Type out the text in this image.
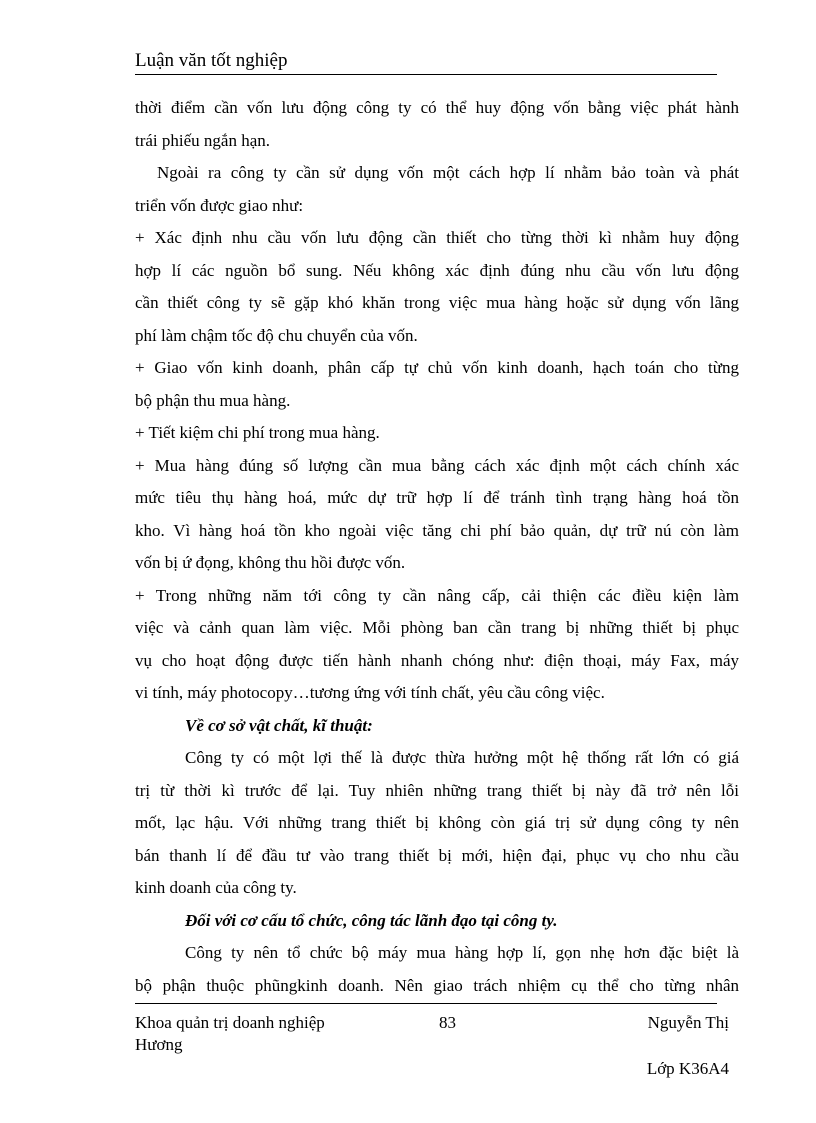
Luận văn tốt nghiệp
thời điểm cần vốn lưu động công ty có thể huy động vốn bằng việc phát hành
trái phiếu ngắn hạn.
Ngoài ra công ty cần sử dụng vốn một cách hợp lí nhằm bảo toàn và phát
triển vốn được giao như:
+ Xác định nhu cầu vốn lưu động cần thiết cho từng thời kì nhằm huy động
hợp lí các nguồn bổ sung. Nếu không xác định đúng nhu cầu vốn lưu động
cần thiết công ty sẽ gặp khó khăn trong việc mua hàng hoặc sử dụng vốn lãng
phí làm chậm tốc độ chu chuyển của vốn.
+ Giao vốn kinh doanh, phân cấp tự chủ vốn kinh doanh, hạch toán cho từng
bộ phận thu mua hàng.
+ Tiết kiệm chi phí trong mua hàng.
+ Mua hàng đúng số lượng cần mua bằng cách xác định một cách chính xác
mức tiêu thụ hàng hoá, mức dự trữ hợp lí để tránh tình trạng hàng hoá tồn
kho. Vì hàng hoá tồn kho ngoài việc tăng chi phí bảo quản, dự trữ nú còn làm
vốn bị ứ đọng, không thu hồi được vốn.
+ Trong những năm tới công ty cần nâng cấp, cải thiện các điều kiện làm
việc và cảnh quan làm việc. Mỗi phòng ban cần trang bị những thiết bị phục
vụ cho hoạt động được tiến hành nhanh chóng như: điện thoại, máy Fax, máy
vi tính, máy photocopy…tương ứng với tính chất, yêu cầu công việc.
Về cơ sở vật chất, kĩ thuật:
Công ty có một lợi thế là được thừa hưởng một hệ thống rất lớn có giá
trị từ thời kì trước để lại. Tuy nhiên những trang thiết bị này đã trở nên lỗi
mốt, lạc hậu. Với những trang thiết bị không còn giá trị sử dụng công ty nên
bán thanh lí để đầu tư vào trang thiết bị mới, hiện đại, phục vụ cho nhu cầu
kinh doanh của công ty.
Đối với cơ cấu tổ chức, công tác lãnh đạo tại công ty.
Công ty nên tổ chức bộ máy mua hàng hợp lí, gọn nhẹ hơn đặc biệt là
bộ phận thuộc phũngkinh doanh. Nên giao trách nhiệm cụ thể cho từng nhân
Khoa quản trị doanh nghiệp	83	Nguyễn Thị
Hương
Lớp K36A4
